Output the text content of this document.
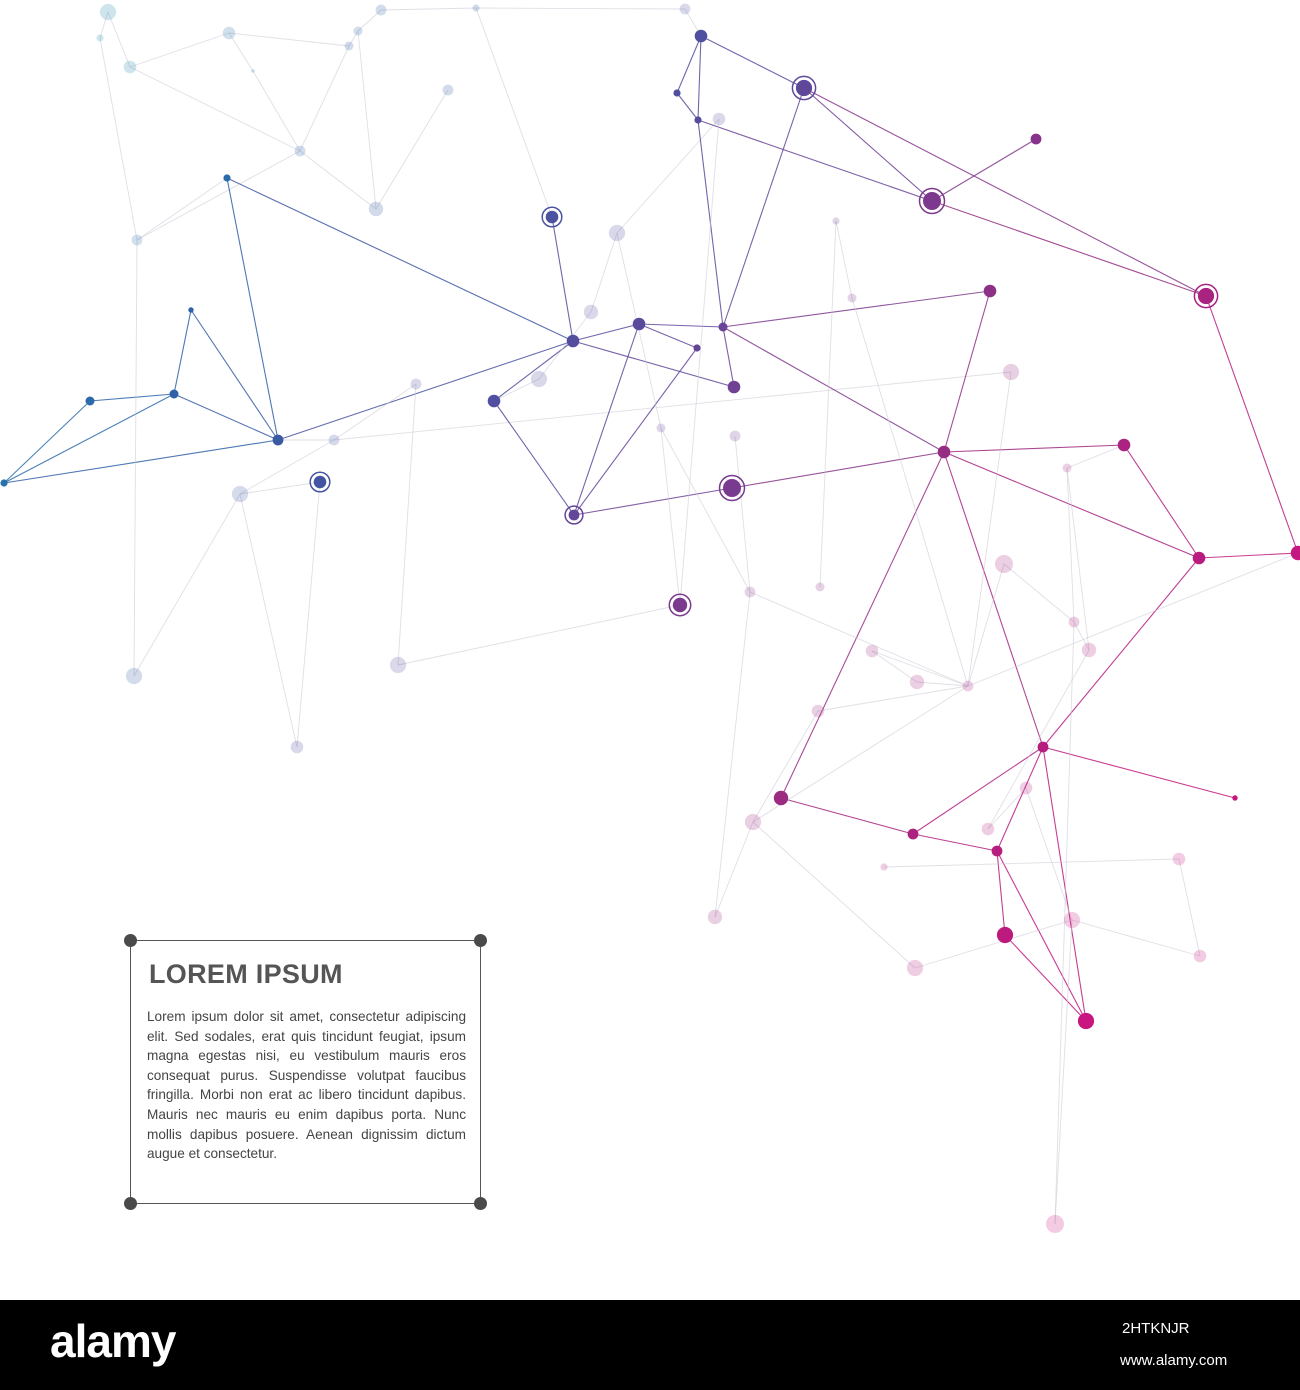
LOREM IPSUM

Lorem ipsum dolor sit amet, consectetur adipiscing elit. Sed sodales, erat quis tincidunt feugiat, ipsum magna egestas nisi, eu vestibulum mauris eros consequat purus. Suspendisse volutpat faucibus fringilla. Morbi non erat ac libero tincidunt dapibus. Mauris nec mauris eu enim dapibus porta. Nunc mollis dapibus posuere. Aenean dignissim dictum augue et consectetur.

alamy	2HTKNJR
www.alamy.com
